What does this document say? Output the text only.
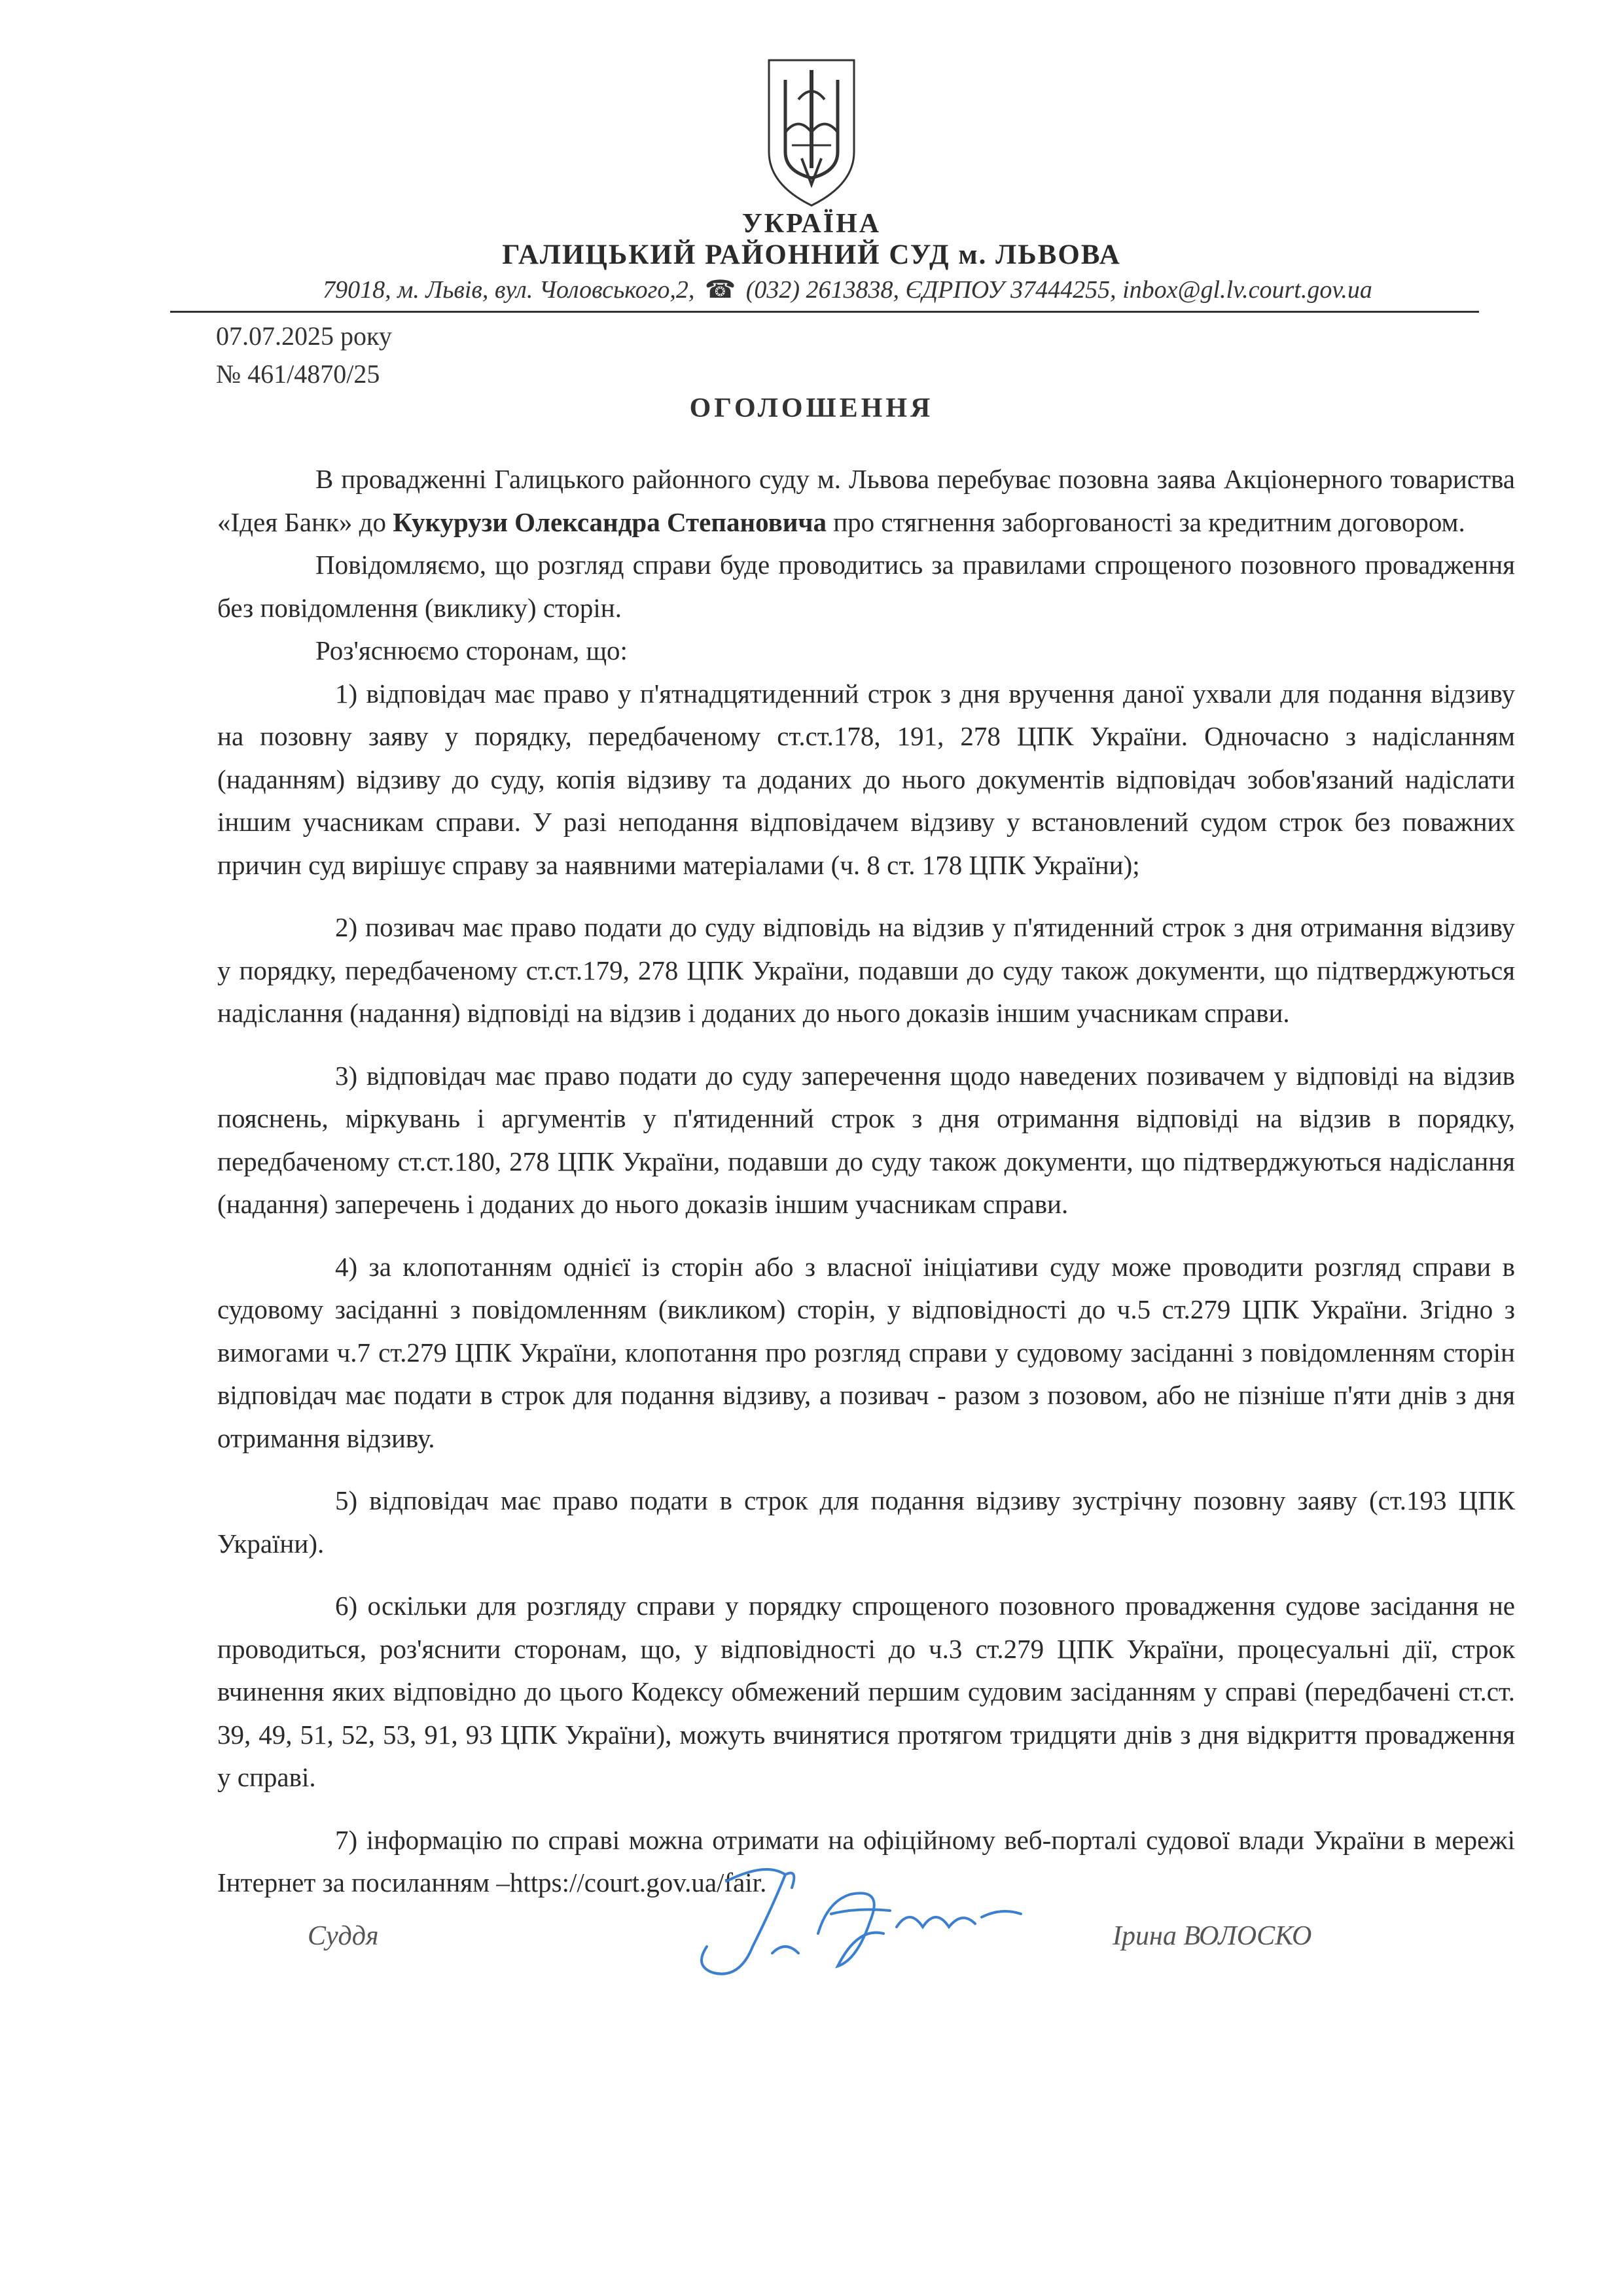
УКРАЇНА
ГАЛИЦЬКИЙ РАЙОННИЙ СУД м. ЛЬВОВА
79018, м. Львів, вул. Чоловського,2, ☎ (032) 2613838, ЄДРПОУ 37444255, inbox@gl.lv.court.gov.ua
07.07.2025 року
№ 461/4870/25
ОГОЛОШЕННЯ

В провадженні Галицького районного суду м. Львова перебуває позовна заява Акціонерного товариства «Ідея Банк» до Кукурузи Олександра Степановича про стягнення заборгованості за кредитним договором.

Повідомляємо, що розгляд справи буде проводитись за правилами спрощеного позовного провадження без повідомлення (виклику) сторін.

Роз'яснюємо сторонам, що:

1) відповідач має право у п'ятнадцятиденний строк з дня вручення даної ухвали для подання відзиву на позовну заяву у порядку, передбаченому ст.ст.178, 191, 278 ЦПК України. Одночасно з надісланням (наданням) відзиву до суду, копія відзиву та доданих до нього документів відповідач зобов'язаний надіслати іншим учасникам справи. У разі неподання відповідачем відзиву у встановлений судом строк без поважних причин суд вирішує справу за наявними матеріалами (ч. 8 ст. 178 ЦПК України);

2) позивач має право подати до суду відповідь на відзив у п'ятиденний строк з дня отримання відзиву у порядку, передбаченому ст.ст.179, 278 ЦПК України, подавши до суду також документи, що підтверджуються надіслання (надання) відповіді на відзив і доданих до нього доказів іншим учасникам справи.

3) відповідач має право подати до суду заперечення щодо наведених позивачем у відповіді на відзив пояснень, міркувань і аргументів у п'ятиденний строк з дня отримання відповіді на відзив в порядку, передбаченому ст.ст.180, 278 ЦПК України, подавши до суду також документи, що підтверджуються надіслання (надання) заперечень і доданих до нього доказів іншим учасникам справи.

4) за клопотанням однієї із сторін або з власної ініціативи суду може проводити розгляд справи в судовому засіданні з повідомленням (викликом) сторін, у відповідності до ч.5 ст.279 ЦПК України. Згідно з вимогами ч.7 ст.279 ЦПК України, клопотання про розгляд справи у судовому засіданні з повідомленням сторін відповідач має подати в строк для подання відзиву, а позивач - разом з позовом, або не пізніше п'яти днів з дня отримання відзиву.

5) відповідач має право подати в строк для подання відзиву зустрічну позовну заяву (ст.193 ЦПК України).

6) оскільки для розгляду справи у порядку спрощеного позовного провадження судове засідання не проводиться, роз'яснити сторонам, що, у відповідності до ч.3 ст.279 ЦПК України, процесуальні дії, строк вчинення яких відповідно до цього Кодексу обмежений першим судовим засіданням у справі (передбачені ст.ст. 39, 49, 51, 52, 53, 91, 93 ЦПК України), можуть вчинятися протягом тридцяти днів з дня відкриття провадження у справі.

7) інформацію по справі можна отримати на офіційному веб-порталі судової влади України в мережі Інтернет за посиланням –https://court.gov.ua/fair.

Суддя	Ірина ВОЛОСКО
